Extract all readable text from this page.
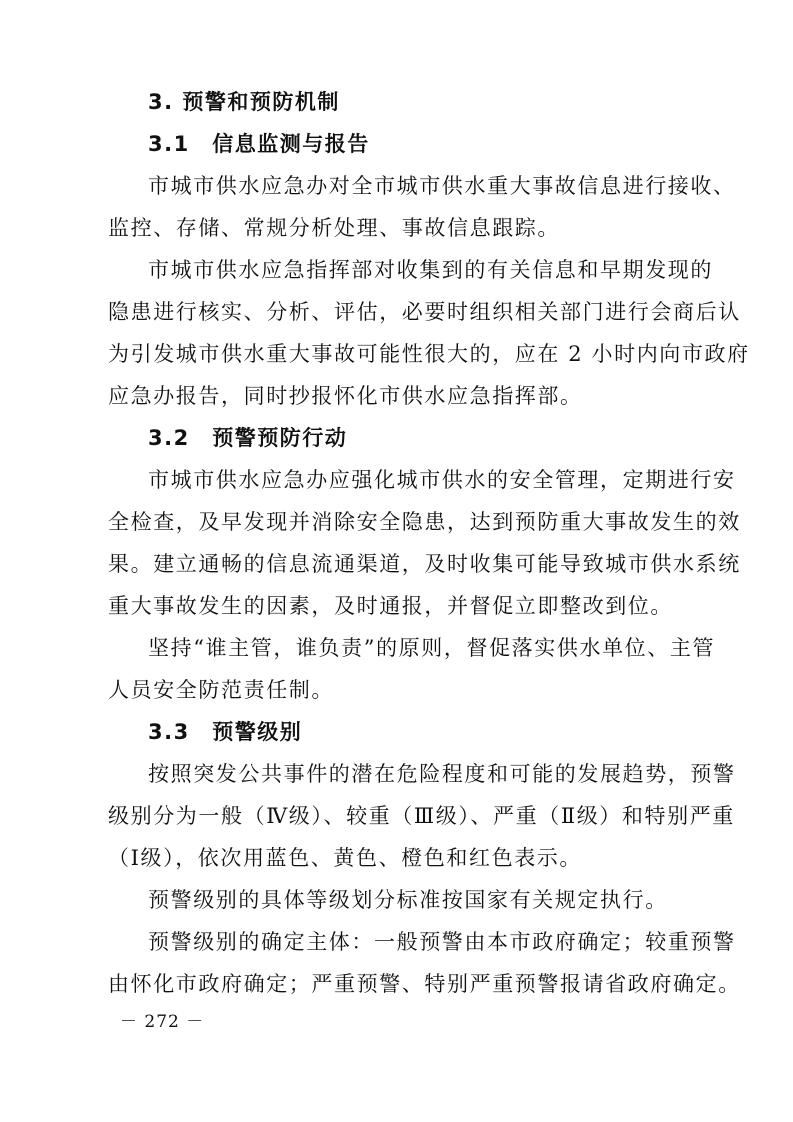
3. 预警和预防机制
3.1　信息监测与报告
市城市供水应急办对全市城市供水重大事故信息进行接收、
监控、存储、常规分析处理、事故信息跟踪。
市城市供水应急指挥部对收集到的有关信息和早期发现的
隐患进行核实、分析、评估，必要时组织相关部门进行会商后认
为引发城市供水重大事故可能性很大的，应在 2 小时内向市政府
应急办报告，同时抄报怀化市供水应急指挥部。
3.2　预警预防行动
市城市供水应急办应强化城市供水的安全管理，定期进行安
全检查，及早发现并消除安全隐患，达到预防重大事故发生的效
果。建立通畅的信息流通渠道，及时收集可能导致城市供水系统
重大事故发生的因素，及时通报，并督促立即整改到位。
坚持“谁主管，谁负责”的原则，督促落实供水单位、主管
人员安全防范责任制。
3.3　预警级别
按照突发公共事件的潜在危险程度和可能的发展趋势，预警
级别分为一般（Ⅳ级）、较重（Ⅲ级）、严重（Ⅱ级）和特别严重
（Ⅰ级），依次用蓝色、黄色、橙色和红色表示。
预警级别的具体等级划分标准按国家有关规定执行。
预警级别的确定主体：一般预警由本市政府确定；较重预警
－ 272 －
由怀化市政府确定；严重预警、特别严重预警报请省政府确定。
